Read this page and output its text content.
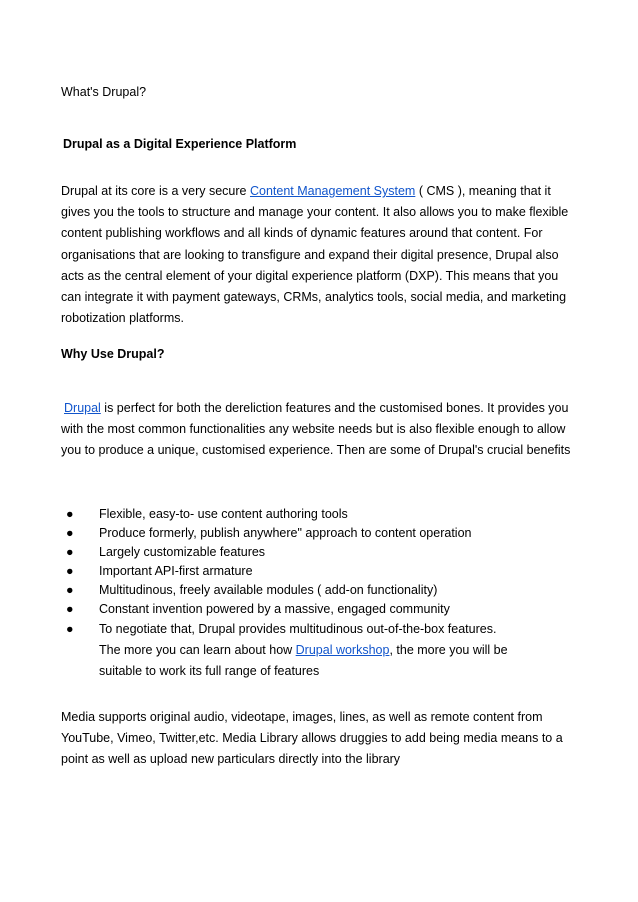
What's Drupal?
Drupal as a Digital Experience Platform

Drupal at its core is a very secure Content Management System ( CMS ), meaning that it gives you the tools to structure and manage your content. It also allows you to make flexible content publishing workflows and all kinds of dynamic features around that content. For organisations that are looking to transfigure and expand their digital presence, Drupal also acts as the central element of your digital experience platform (DXP). This means that you can integrate it with payment gateways, CRMs, analytics tools, social media, and marketing robotization platforms.

Why Use Drupal?

Drupal is perfect for both the dereliction features and the customised bones. It provides you with the most common functionalities any website needs but is also flexible enough to allow you to produce a unique, customised experience. Then are some of Drupal's crucial benefits

● Flexible, easy-to- use content authoring tools
● Produce formerly, publish anywhere" approach to content operation
● Largely customizable features
● Important API-first armature
● Multitudinous, freely available modules ( add-on functionality)
● Constant invention powered by a massive, engaged community
● To negotiate that, Drupal provides multitudinous out-of-the-box features. The more you can learn about how Drupal workshop, the more you will be suitable to work its full range of features

Media supports original audio, videotape, images, lines, as well as remote content from YouTube, Vimeo, Twitter,etc. Media Library allows druggies to add being media means to a point as well as upload new particulars directly into the library
